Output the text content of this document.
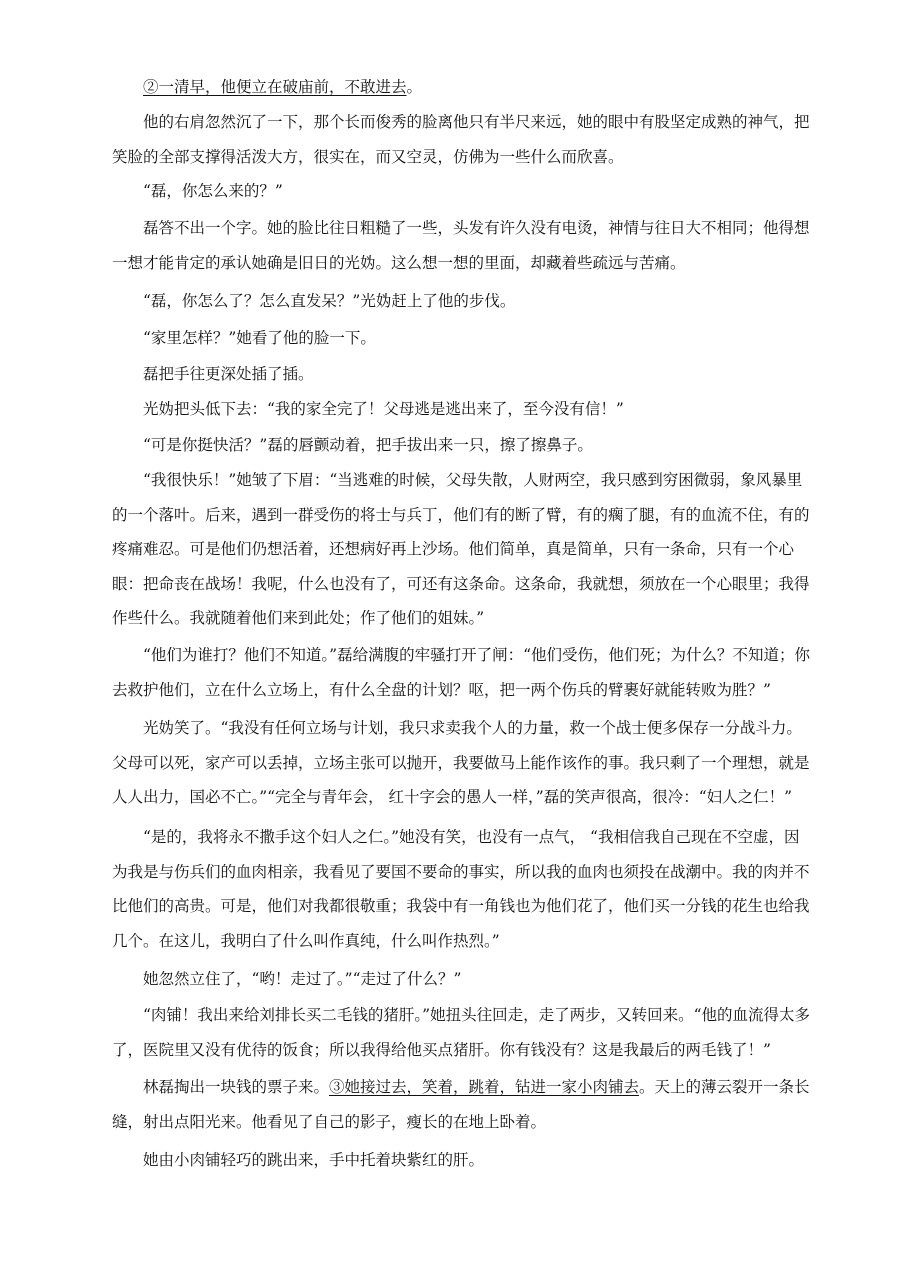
②一清早，他便立在破庙前，不敢进去。

他的右肩忽然沉了一下，那个长而俊秀的脸离他只有半尺来远，她的眼中有股坚定成熟的神气，把笑脸的全部支撑得活泼大方，很实在，而又空灵，仿佛为一些什么而欣喜。

“磊，你怎么来的？”

磊答不出一个字。她的脸比往日粗糙了一些，头发有许久没有电烫，神情与往日大不相同；他得想一想才能肯定的承认她确是旧日的光妫。这么想一想的里面，却藏着些疏远与苦痛。

“磊，你怎么了？怎么直发呆？”光妫赶上了他的步伐。

“家里怎样？”她看了他的脸一下。

磊把手往更深处插了插。

光妫把头低下去：“我的家全完了！父母逃是逃出来了，至今没有信！”

“可是你挺快活？”磊的唇颤动着，把手拔出来一只，擦了擦鼻子。

“我很快乐！”她皱了下眉：“当逃难的时候，父母失散，人财两空，我只感到穷困微弱，象风暴里的一个落叶。后来，遇到一群受伤的将士与兵丁，他们有的断了臂，有的瘸了腿，有的血流不住，有的疼痛难忍。可是他们仍想活着，还想病好再上沙场。他们简单，真是简单，只有一条命，只有一个心眼：把命丧在战场！我呢，什么也没有了，可还有这条命。这条命，我就想，须放在一个心眼里；我得作些什么。我就随着他们来到此处；作了他们的姐妹。”

“他们为谁打？他们不知道。”磊给满腹的牢骚打开了闸：“他们受伤，他们死；为什么？不知道；你去救护他们，立在什么立场上，有什么全盘的计划？呕，把一两个伤兵的臂裹好就能转败为胜？”

光妫笑了。“我没有任何立场与计划，我只求卖我个人的力量，救一个战士便多保存一分战斗力。父母可以死，家产可以丢掉，立场主张可以抛开，我要做马上能作该作的事。我只剩了一个理想，就是人人出力，国必不亡。”“完全与青年会， 红十字会的愚人一样，”磊的笑声很高，很冷：“妇人之仁！”

“是的，我将永不撒手这个妇人之仁。”她没有笑，也没有一点气， “我相信我自己现在不空虚，因为我是与伤兵们的血肉相亲，我看见了要国不要命的事实，所以我的血肉也须投在战潮中。我的肉并不比他们的高贵。可是，他们对我都很敬重；我袋中有一角钱也为他们花了，他们买一分钱的花生也给我几个。在这儿，我明白了什么叫作真纯，什么叫作热烈。”

她忽然立住了，“哟！走过了。”“走过了什么？”

“肉铺！我出来给刘排长买二毛钱的猪肝。”她扭头往回走，走了两步，又转回来。“他的血流得太多了，医院里又没有优待的饭食；所以我得给他买点猪肝。你有钱没有？这是我最后的两毛钱了！”

林磊掏出一块钱的票子来。③她接过去，笑着，跳着，钻进一家小肉铺去。天上的薄云裂开一条长缝，射出点阳光来。他看见了自己的影子，瘦长的在地上卧着。

她由小肉铺轻巧的跳出来，手中托着块紫红的肝。
